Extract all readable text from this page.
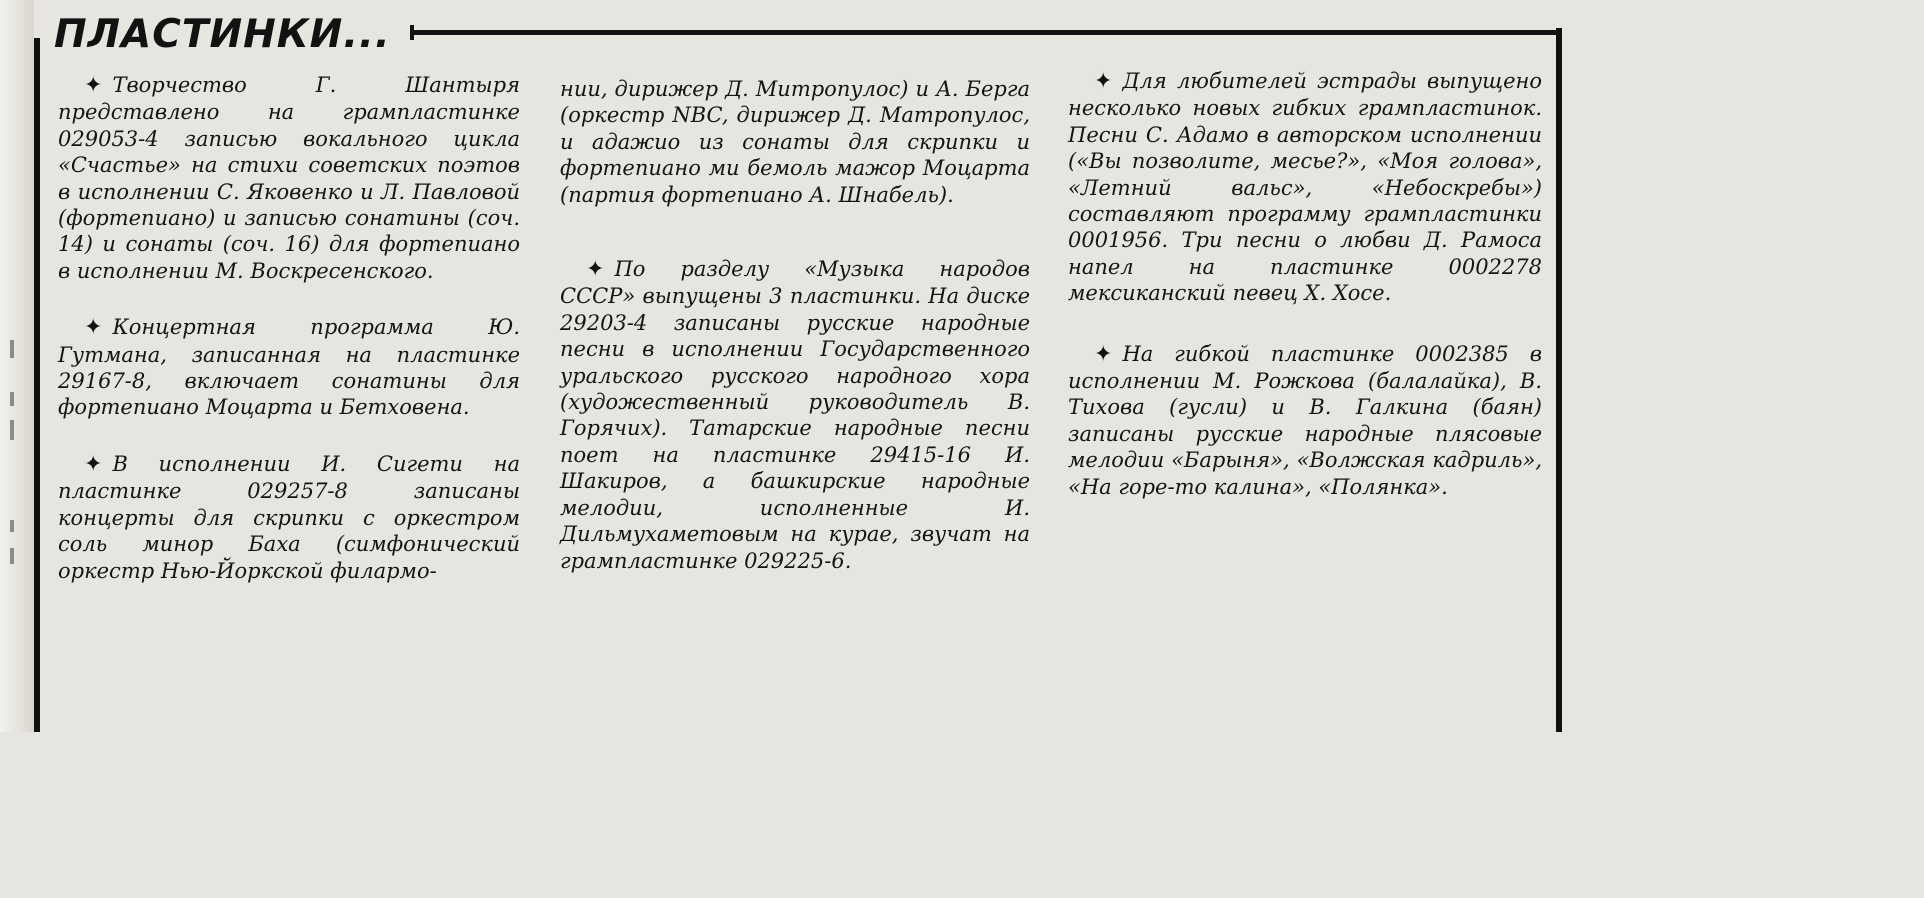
ПЛАСТИНКИ...

✦ Творчество Г. Шантыря представлено на грампластинке 029053-4 записью вокального цикла «Счастье» на стихи советских поэтов в исполнении С. Яковенко и Л. Павловой (фортепиано) и записью сонатины (соч. 14) и сонаты (соч. 16) для фортепиано в исполнении М. Воскресенского.

✦ Концертная программа Ю. Гутмана, записанная на пластинке 29167-8, включает сонатины для фортепиано Моцарта и Бетховена.

✦ В исполнении И. Сигети на пластинке 029257-8 записаны концерты для скрипки с оркестром соль минор Баха (симфонический оркестр Нью-Йоркской филармо-

нии, дирижер Д. Митропулос) и А. Берга (оркестр NBC, дирижер Д. Матропулос, и адажио из сонаты для скрипки и фортепиано ми бемоль мажор Моцарта (партия фортепиано А. Шнабель).

✦ По разделу «Музыка народов СССР» выпущены 3 пластинки. На диске 29203-4 записаны русские народные песни в исполнении Государственного уральского русского народного хора (художественный руководитель В. Горячих). Татарские народные песни поет на пластинке 29415-16 И. Шакиров, а башкирские народные мелодии, исполненные И. Дильмухаметовым на курае, звучат на грампластинке 029225-6.

✦ Для любителей эстрады выпущено несколько новых гибких грампластинок. Песни С. Адамо в авторском исполнении («Вы позволите, месье?», «Моя голова», «Летний вальс», «Небоскребы») составляют программу грампластинки 0001956. Три песни о любви Д. Рамоса напел на пластинке 0002278 мексиканский певец Х. Хосе.

✦ На гибкой пластинке 0002385 в исполнении М. Рожкова (балалайка), В. Тихова (гусли) и В. Галкина (баян) записаны русские народные плясовые мелодии «Барыня», «Волжская кадриль», «На горе-то калина», «Полянка».
